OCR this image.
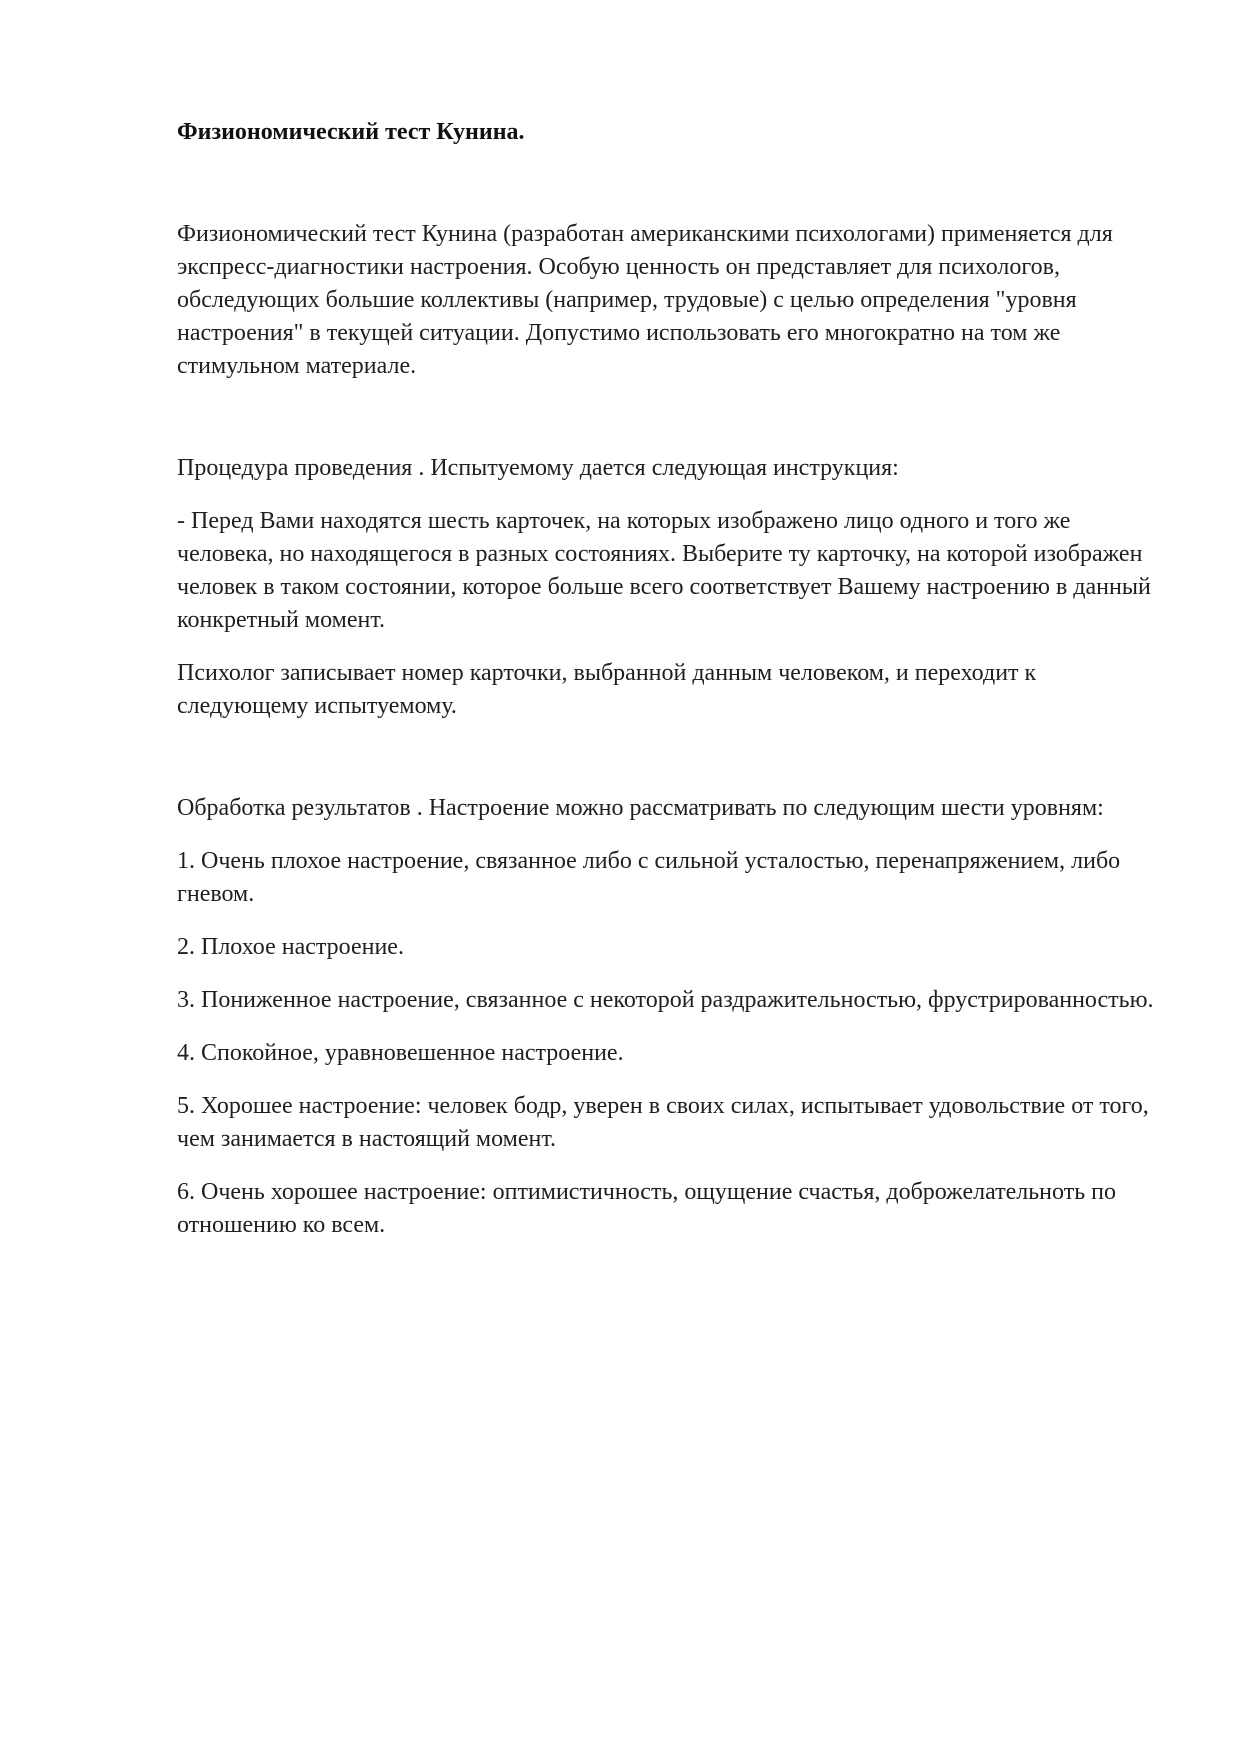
Физиономический тест Кунина.

Физиономический тест Кунина (разработан американскими психологами) применяется для экспресс-диагностики настроения. Особую ценность он представляет для психологов, обследующих большие коллективы (например, трудовые) с целью определения "уровня настроения" в текущей ситуации. Допустимо использовать его многократно на том же стимульном материале.

Процедура проведения . Испытуемому дается следующая инструкция:

- Перед Вами находятся шесть карточек, на которых изображено лицо одного и того же человека, но находящегося в разных состояниях. Выберите ту карточку, на которой изображен человек в таком состоянии, которое больше всего соответствует Вашему настроению в данный конкретный момент.

Психолог записывает номер карточки, выбранной данным человеком, и переходит к следующему испытуемому.

Обработка результатов . Настроение можно рассматривать по следующим шести уровням:

1. Очень плохое настроение, связанное либо с сильной усталостью, перенапряжением, либо гневом.

2. Плохое настроение.

3. Пониженное настроение, связанное с некоторой раздражительностью, фрустрированностью.

4. Спокойное, уравновешенное настроение.

5. Хорошее настроение: человек бодр, уверен в своих силах, испытывает удовольствие от того, чем занимается в настоящий момент.

6. Очень хорошее настроение: оптимистичность, ощущение счастья, доброжелательноть по отношению ко всем.
